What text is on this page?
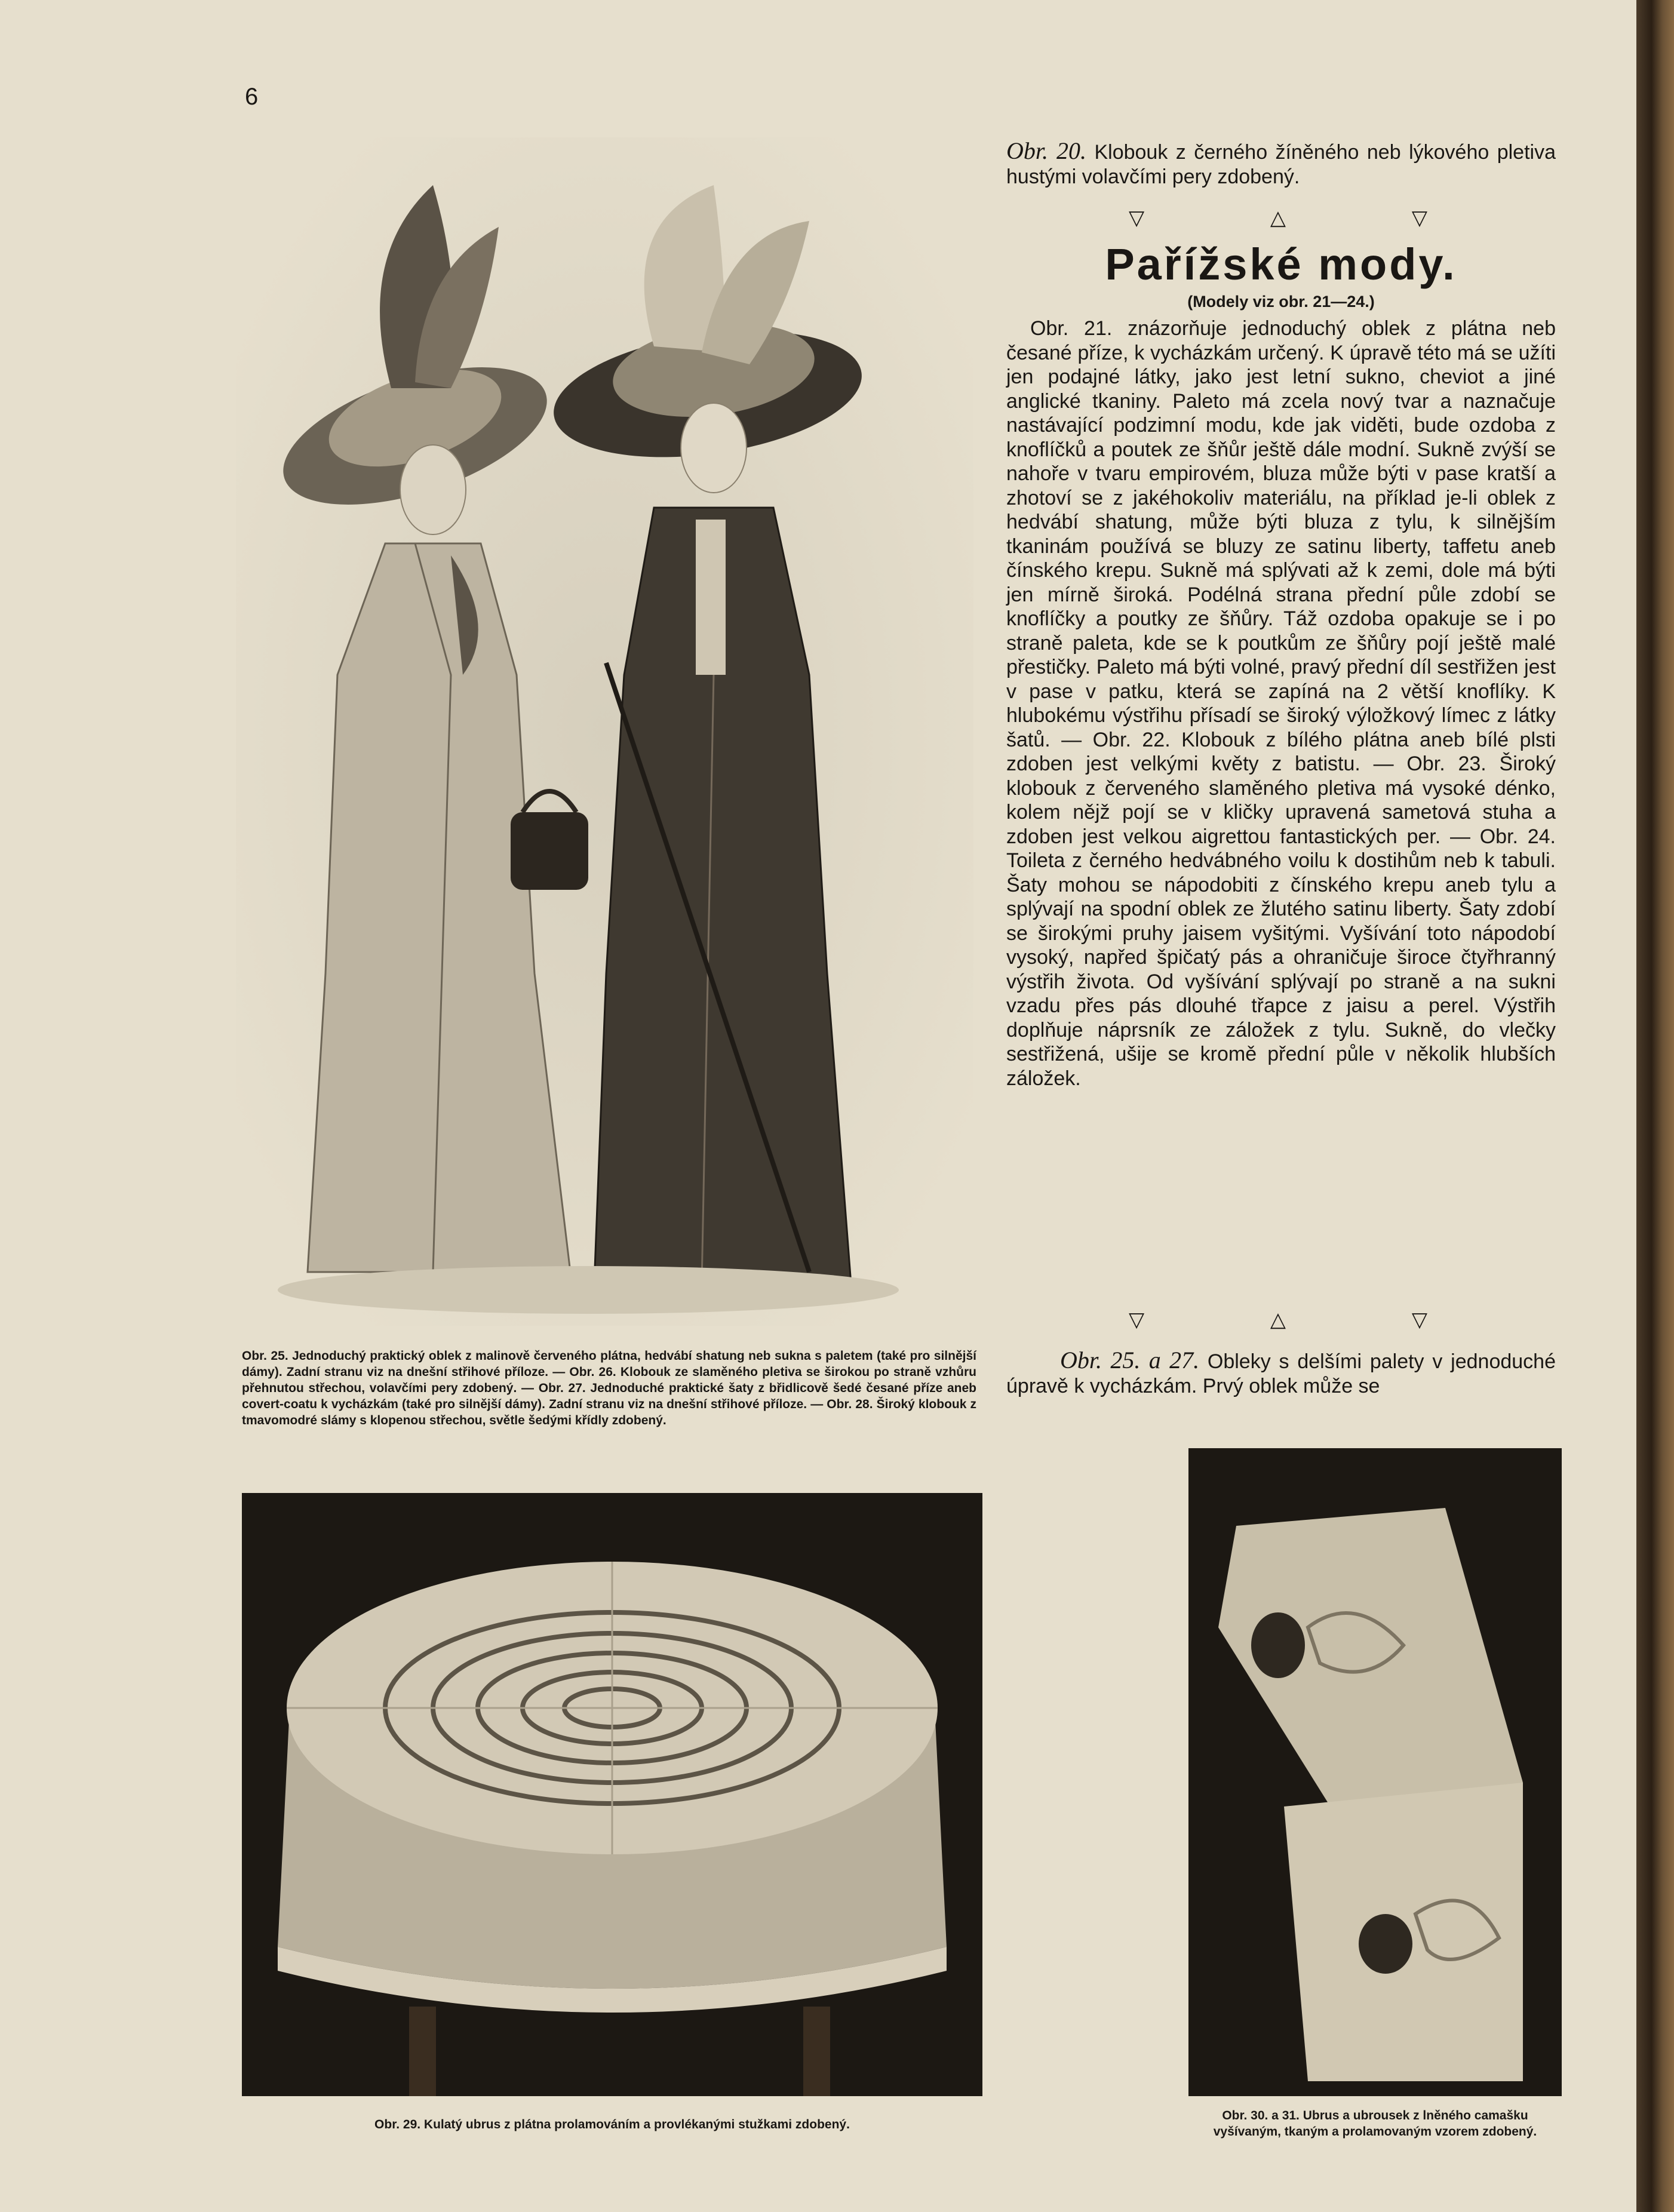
6
Obr. 25. Jednoduchý praktický oblek z malinově červeného plátna, hedvábí shatung neb sukna s paletem (také pro silnější dámy). Zadní stranu viz na dnešní střihové příloze. — Obr. 26. Klobouk ze slaměného pletiva se širokou po straně vzhůru přehnutou střechou, volavčími pery zdobený. — Obr. 27. Jednoduché praktické šaty z břidlicově šedé česané příze aneb covert-coatu k vycházkám (také pro silnější dámy). Zadní stranu viz na dnešní střihové příloze. — Obr. 28. Široký klobouk z tmavomodré slámy s klopenou střechou, světle šedými křídly zdobený.

Obr. 20. Klobouk z černého žíněného neb lýkového pletiva hustými volavčími pery zdobený.

▽	△	▽
Pařížské mody.
(Modely viz obr. 21—24.)

Obr. 21. znázorňuje jednoduchý oblek z plátna neb česané příze, k vycházkám určený. K úpravě této má se užíti jen podajné látky, jako jest letní sukno, cheviot a jiné anglické tkaniny. Paleto má zcela nový tvar a naznačuje nastávající podzimní modu, kde jak viděti, bude ozdoba z knoflíčků a poutek ze šňůr ještě dále modní. Sukně zvýší se nahoře v tvaru empirovém, bluza může býti v pase kratší a zhotoví se z jakéhokoliv materiálu, na příklad je-li oblek z hedvábí shatung, může býti bluza z tylu, k silnějším tkaninám používá se bluzy ze satinu liberty, taffetu aneb čínského krepu. Sukně má splývati až k zemi, dole má býti jen mírně široká. Podélná strana přední půle zdobí se knoflíčky a poutky ze šňůry. Táž ozdoba opakuje se i po straně paleta, kde se k poutkům ze šňůry pojí ještě malé přestičky. Paleto má býti volné, pravý přední díl sestřižen jest v pase v patku, která se zapíná na 2 větší knoflíky. K hlubokému výstřihu přísadí se široký výložkový límec z látky šatů. — Obr. 22. Klobouk z bílého plátna aneb bílé plsti zdoben jest velkými květy z batistu. — Obr. 23. Široký klobouk z červeného slaměného pletiva má vysoké dénko, kolem nějž pojí se v kličky upravená sametová stuha a zdoben jest velkou aigrettou fantastických per. — Obr. 24. Toileta z černého hedvábného voilu k dostihům neb k tabuli. Šaty mohou se nápodobiti z čínského krepu aneb tylu a splývají na spodní oblek ze žlutého satinu liberty. Šaty zdobí se širokými pruhy jaisem vyšitými. Vyšívání toto nápodobí vysoký, napřed špičatý pás a ohraničuje široce čtyřhranný výstřih života. Od vyšívání splývají po straně a na sukni vzadu přes pás dlouhé třapce z jaisu a perel. Výstřih doplňuje náprsník ze záložek z tylu. Sukně, do vlečky sestřižená, ušije se kromě přední půle v několik hlubších záložek.

▽	△	▽

Obr. 25. a 27. Obleky s delšími palety v jednoduché úpravě k vycházkám. Prvý oblek může se

Obr. 29. Kulatý ubrus z plátna prolamováním a provlékanými stužkami zdobený.
Obr. 30. a 31. Ubrus a ubrousek z lněného camašku vyšívaným, tkaným a prolamovaným vzorem zdobený.
